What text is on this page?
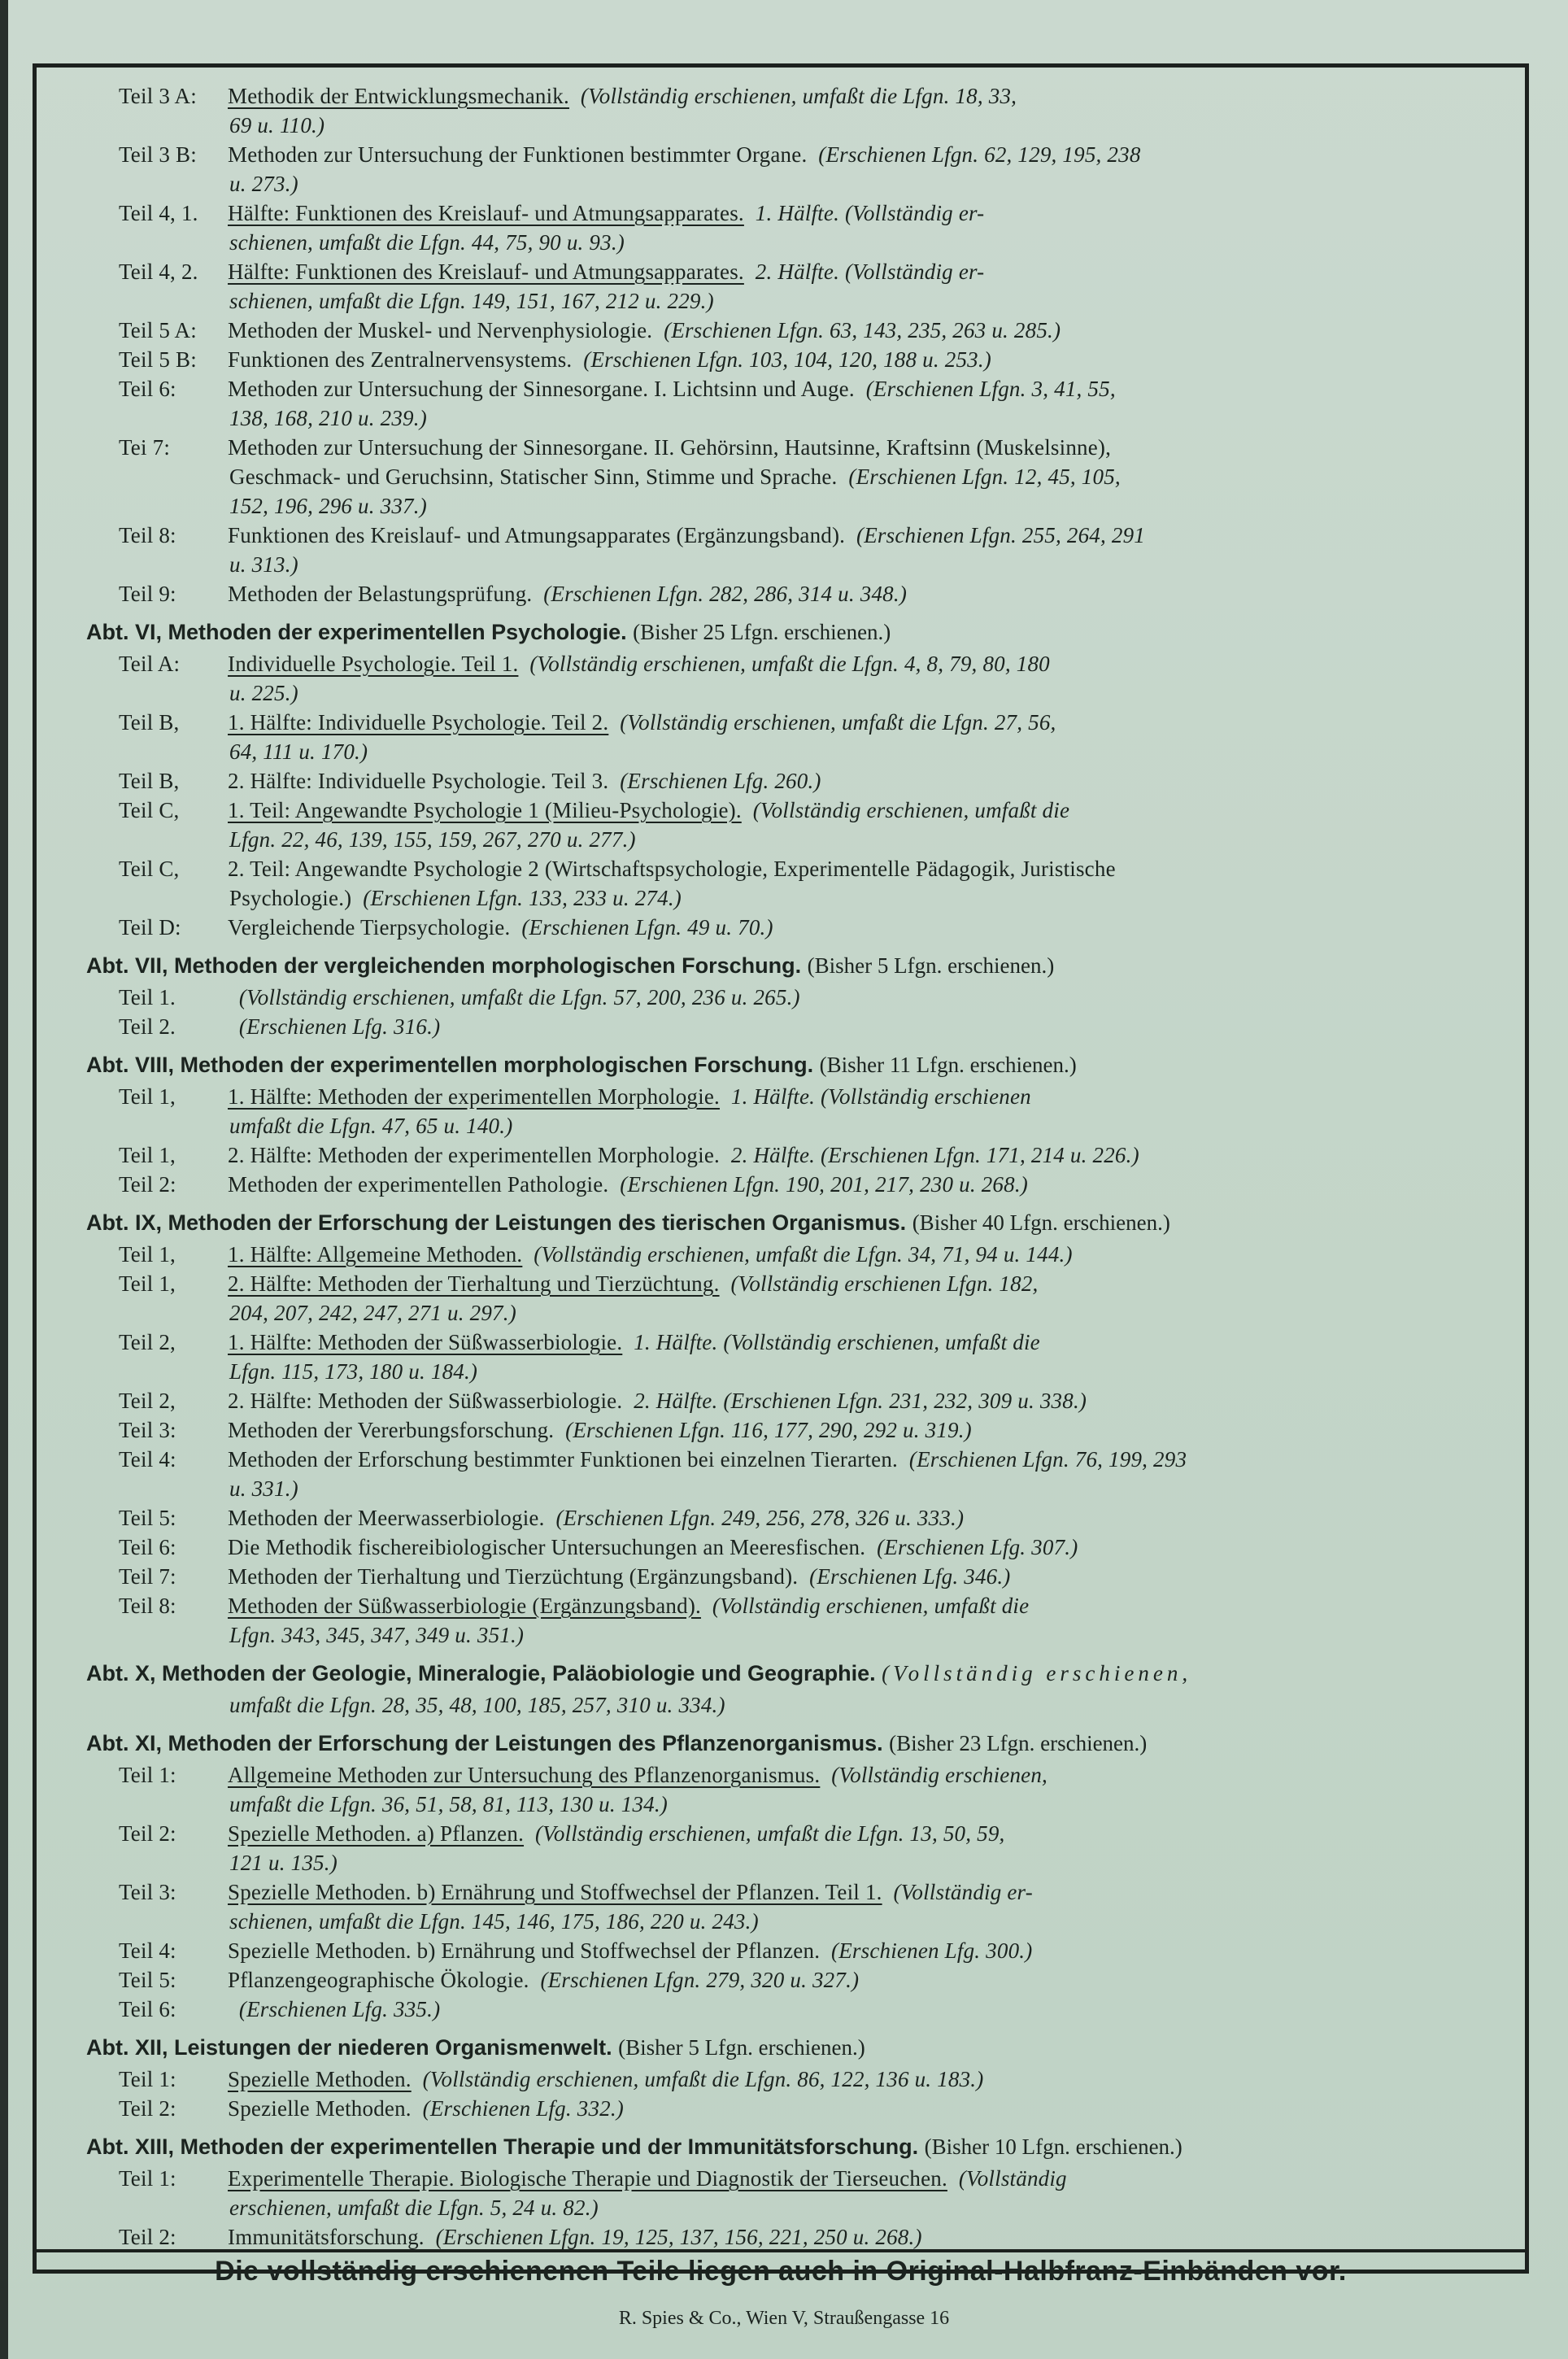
Teil 3 A: Methodik der Entwicklungsmechanik. (Vollständig erschienen, umfaßt die Lfgn. 18, 33,
69 u. 110.)
Teil 3 B: Methoden zur Untersuchung der Funktionen bestimmter Organe. (Erschienen Lfgn. 62, 129, 195, 238
u. 273.)
Teil 4, 1. Hälfte: Funktionen des Kreislauf- und Atmungsapparates. 1. Hälfte. (Vollständig er-
schienen, umfaßt die Lfgn. 44, 75, 90 u. 93.)
Teil 4, 2. Hälfte: Funktionen des Kreislauf- und Atmungsapparates. 2. Hälfte. (Vollständig er-
schienen, umfaßt die Lfgn. 149, 151, 167, 212 u. 229.)
Teil 5 A: Methoden der Muskel- und Nervenphysiologie. (Erschienen Lfgn. 63, 143, 235, 263 u. 285.)
Teil 5 B: Funktionen des Zentralnervensystems. (Erschienen Lfgn. 103, 104, 120, 188 u. 253.)
Teil 6: Methoden zur Untersuchung der Sinnesorgane. I. Lichtsinn und Auge. (Erschienen Lfgn. 3, 41, 55,
138, 168, 210 u. 239.)
Tei 7:	Methoden zur Untersuchung der Sinnesorgane. II. Gehörsinn, Hautsinne, Kraftsinn (Muskelsinne),
Geschmack- und Geruchsinn, Statischer Sinn, Stimme und Sprache. (Erschienen Lfgn. 12, 45, 105,
152, 196, 296 u. 337.)
Teil 8: Funktionen des Kreislauf- und Atmungsapparates (Ergänzungsband). (Erschienen Lfgn. 255, 264, 291
u. 313.)
Teil 9: Methoden der Belastungsprüfung. (Erschienen Lfgn. 282, 286, 314 u. 348.)
Abt. VI, Methoden der experimentellen Psychologie. (Bisher 25 Lfgn. erschienen.)
Teil A: Individuelle Psychologie. Teil 1. (Vollständig erschienen, umfaßt die Lfgn. 4, 8, 79, 80, 180
u. 225.)
Teil B, 1. Hälfte: Individuelle Psychologie. Teil 2. (Vollständig erschienen, umfaßt die Lfgn. 27, 56,
64, 111 u. 170.)
Teil B, 2. Hälfte: Individuelle Psychologie. Teil 3. (Erschienen Lfg. 260.)
Teil C, 1. Teil: Angewandte Psychologie 1 (Milieu-Psychologie). (Vollständig erschienen, umfaßt die
Lfgn. 22, 46, 139, 155, 159, 267, 270 u. 277.)
Teil C, 2. Teil: Angewandte Psychologie 2 (Wirtschaftspsychologie, Experimentelle Pädagogik, Juristische
Psychologie.) (Erschienen Lfgn. 133, 233 u. 274.)
Teil D: Vergleichende Tierpsychologie. (Erschienen Lfgn. 49 u. 70.)
Abt. VII, Methoden der vergleichenden morphologischen Forschung. (Bisher 5 Lfgn. erschienen.)
Teil 1.	(Vollständig erschienen, umfaßt die Lfgn. 57, 200, 236 u. 265.)
Teil 2.	(Erschienen Lfg. 316.)
Abt. VIII, Methoden der experimentellen morphologischen Forschung. (Bisher 11 Lfgn. erschienen.)
Teil 1, 1. Hälfte: Methoden der experimentellen Morphologie. 1. Hälfte. (Vollständig erschienen
umfaßt die Lfgn. 47, 65 u. 140.)
Teil 1, 2. Hälfte: Methoden der experimentellen Morphologie. 2. Hälfte. (Erschienen Lfgn. 171, 214 u. 226.)
Teil 2: Methoden der experimentellen Pathologie. (Erschienen Lfgn. 190, 201, 217, 230 u. 268.)
Abt. IX, Methoden der Erforschung der Leistungen des tierischen Organismus. (Bisher 40 Lfgn. erschienen.)
Teil 1, 1. Hälfte: Allgemeine Methoden. (Vollständig erschienen, umfaßt die Lfgn. 34, 71, 94 u. 144.)
Teil 1, 2. Hälfte: Methoden der Tierhaltung und Tierzüchtung. (Vollständig erschienen Lfgn. 182,
204, 207, 242, 247, 271 u. 297.)
Teil 2, 1. Hälfte: Methoden der Süßwasserbiologie. 1. Hälfte. (Vollständig erschienen, umfaßt die
Lfgn. 115, 173, 180 u. 184.)
Teil 2, 2. Hälfte: Methoden der Süßwasserbiologie. 2. Hälfte. (Erschienen Lfgn. 231, 232, 309 u. 338.)
Teil 3: Methoden der Vererbungsforschung. (Erschienen Lfgn. 116, 177, 290, 292 u. 319.)
Teil 4: Methoden der Erforschung bestimmter Funktionen bei einzelnen Tierarten. (Erschienen Lfgn. 76, 199, 293
u. 331.)
Teil 5: Methoden der Meerwasserbiologie. (Erschienen Lfgn. 249, 256, 278, 326 u. 333.)
Teil 6: Die Methodik fischereibiologischer Untersuchungen an Meeresfischen. (Erschienen Lfg. 307.)
Teil 7: Methoden der Tierhaltung und Tierzüchtung (Ergänzungsband). (Erschienen Lfg. 346.)
Teil 8: Methoden der Süßwasserbiologie (Ergänzungsband). (Vollständig erschienen, umfaßt die
Lfgn. 343, 345, 347, 349 u. 351.)
Abt. X, Methoden der Geologie, Mineralogie, Paläobiologie und Geographie. (Vollständig erschienen,
umfaßt die Lfgn. 28, 35, 48, 100, 185, 257, 310 u. 334.)
Abt. XI, Methoden der Erforschung der Leistungen des Pflanzenorganismus. (Bisher 23 Lfgn. erschienen.)
Teil 1: Allgemeine Methoden zur Untersuchung des Pflanzenorganismus. (Vollständig erschienen,
umfaßt die Lfgn. 36, 51, 58, 81, 113, 130 u. 134.)
Teil 2: Spezielle Methoden. a) Pflanzen. (Vollständig erschienen, umfaßt die Lfgn. 13, 50, 59,
121 u. 135.)
Teil 3: Spezielle Methoden. b) Ernährung und Stoffwechsel der Pflanzen. Teil 1. (Vollständig er-
schienen, umfaßt die Lfgn. 145, 146, 175, 186, 220 u. 243.)
Teil 4: Spezielle Methoden. b) Ernährung und Stoffwechsel der Pflanzen. (Erschienen Lfg. 300.)
Teil 5: Pflanzengeographische Ökologie. (Erschienen Lfgn. 279, 320 u. 327.)
Teil 6:	(Erschienen Lfg. 335.)
Abt. XII, Leistungen der niederen Organismenwelt. (Bisher 5 Lfgn. erschienen.)
Teil 1: Spezielle Methoden. (Vollständig erschienen, umfaßt die Lfgn. 86, 122, 136 u. 183.)
Teil 2: Spezielle Methoden. (Erschienen Lfg. 332.)
Abt. XIII, Methoden der experimentellen Therapie und der Immunitätsforschung. (Bisher 10 Lfgn. erschienen.)
Teil 1: Experimentelle Therapie. Biologische Therapie und Diagnostik der Tierseuchen. (Vollständig
erschienen, umfaßt die Lfgn. 5, 24 u. 82.)
Teil 2: Immunitätsforschung. (Erschienen Lfgn. 19, 125, 137, 156, 221, 250 u. 268.)
Die vollständig erschienenen Teile liegen auch in Original-Halbfranz-Einbänden vor.
R. Spies & Co., Wien V, Straußengasse 16
